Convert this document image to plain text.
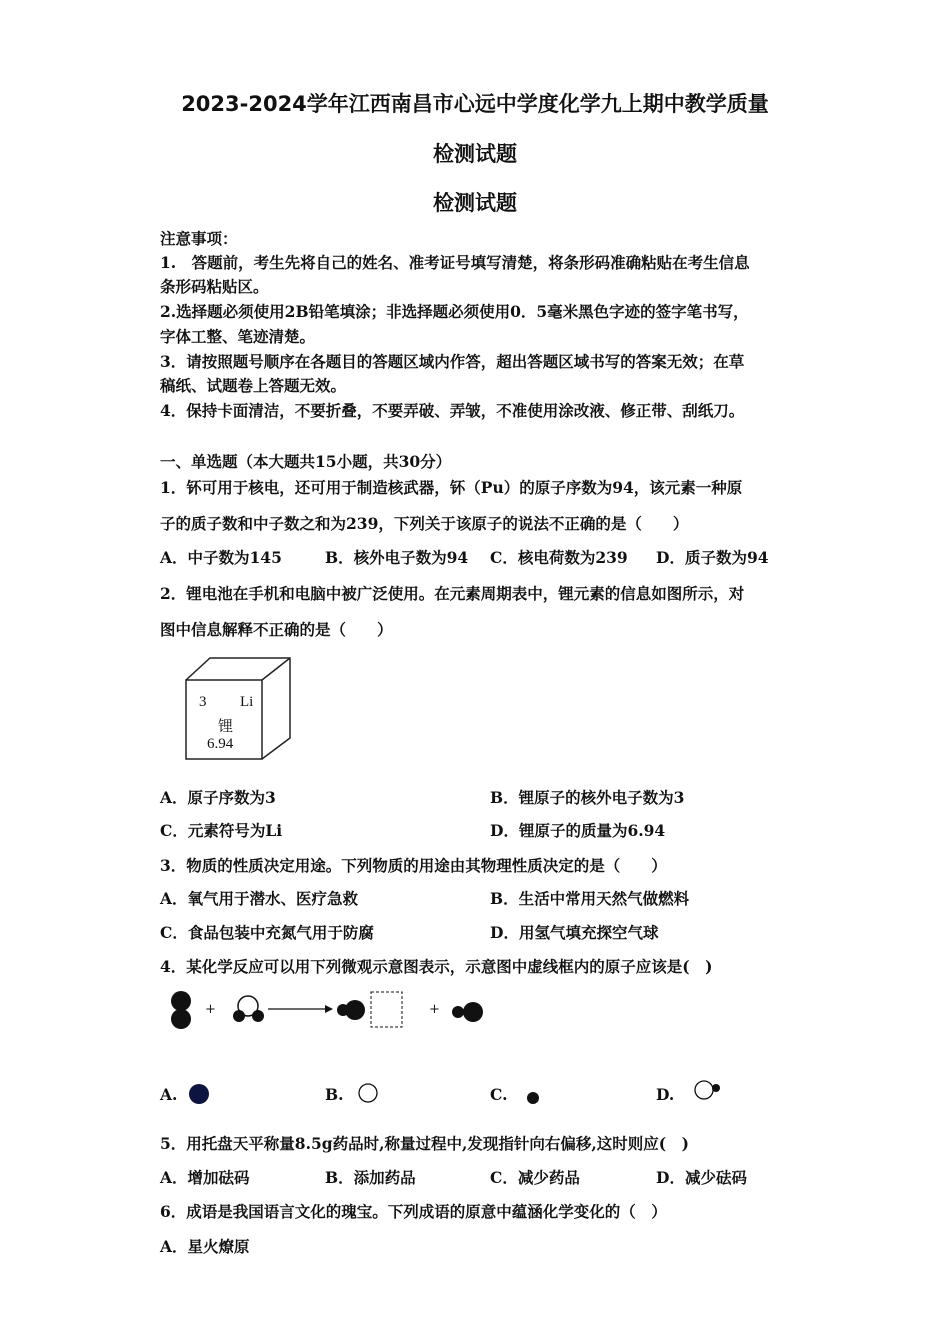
2023-2024学年江西南昌市心远中学度化学九上期中教学质量
检测试题
检测试题
注意事项：
1.　答题前，考生先将自己的姓名、准考证号填写清楚，将条形码准确粘贴在考生信息
条形码粘贴区。
2.选择题必须使用2B铅笔填涂；非选择题必须使用0．5毫米黑色字迹的签字笔书写，
字体工整、笔迹清楚。
3．请按照题号顺序在各题目的答题区域内作答，超出答题区域书写的答案无效；在草
稿纸、试题卷上答题无效。
4．保持卡面清洁，不要折叠，不要弄破、弄皱，不准使用涂改液、修正带、刮纸刀。
一、单选题（本大题共15小题，共30分）
1．钚可用于核电，还可用于制造核武器，钚（Pu）的原子序数为94，该元素一种原
子的质子数和中子数之和为239，下列关于该原子的说法不正确的是（　　）
A．中子数为145	B．核外电子数为94 C．核电荷数为239 D．质子数为94
2．锂电池在手机和电脑中被广泛使用。在元素周期表中，锂元素的信息如图所示，对
图中信息解释不正确的是（　　）
3 Li
锂
6.94
A．原子序数为3	B．锂原子的核外电子数为3
C．元素符号为Li	D．锂原子的质量为6.94
3．物质的性质决定用途。下列物质的用途由其物理性质决定的是（　　）
A．氧气用于潜水、医疗急救	B．生活中常用天然气做燃料
C．食品包装中充氮气用于防腐	D．用氢气填充探空气球
4．某化学反应可以用下列微观示意图表示，示意图中虚线框内的原子应该是(　)
+	+
A.	B.	C.	D.
5．用托盘天平称量8.5g药品时,称量过程中,发现指针向右偏移,这时则应(　)
A．增加砝码	B．添加药品	C．减少药品	D．减少砝码
6．成语是我国语言文化的瑰宝。下列成语的原意中蕴涵化学变化的（　）
A．星火燎原
